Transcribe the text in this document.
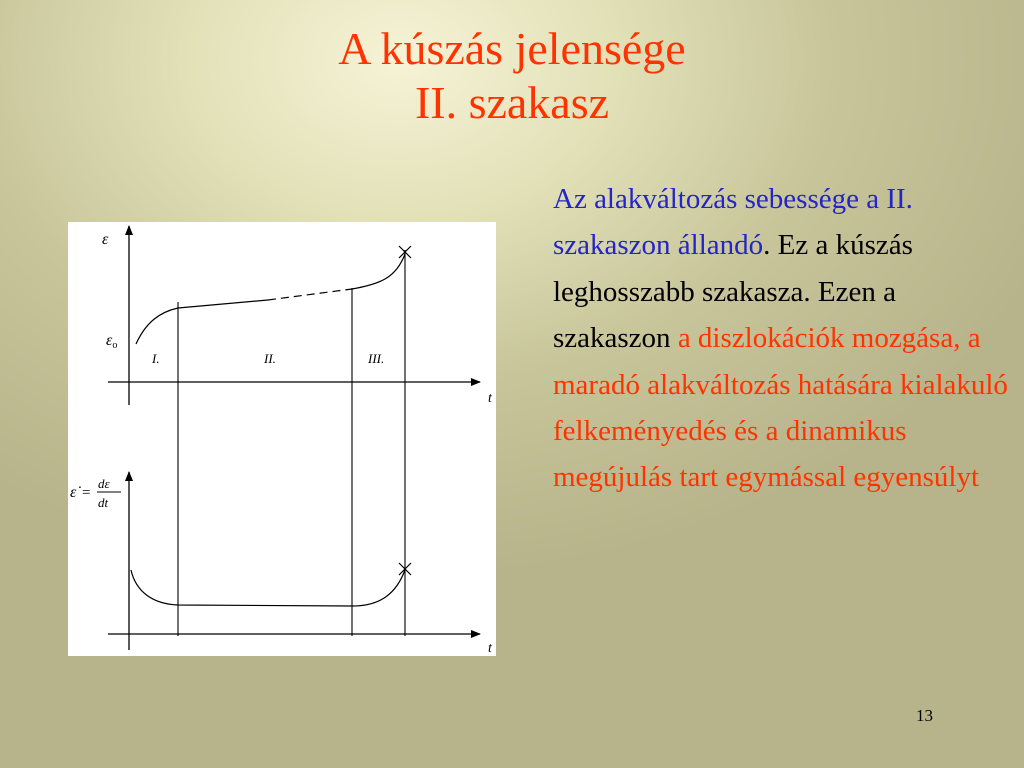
A kúszás jelensége
II. szakasz
ε
εo
I.	II.	III.
t
t
ε̇ =
dε
dt
Az alakváltozás sebessége a II. szakaszon állandó. Ez a kúszás leghosszabb szakasza. Ezen a szakaszon a diszlokációk mozgása, a maradó alakváltozás hatására kialakuló felkeményedés és a dinamikus megújulás tart egymással egyensúlyt
13
